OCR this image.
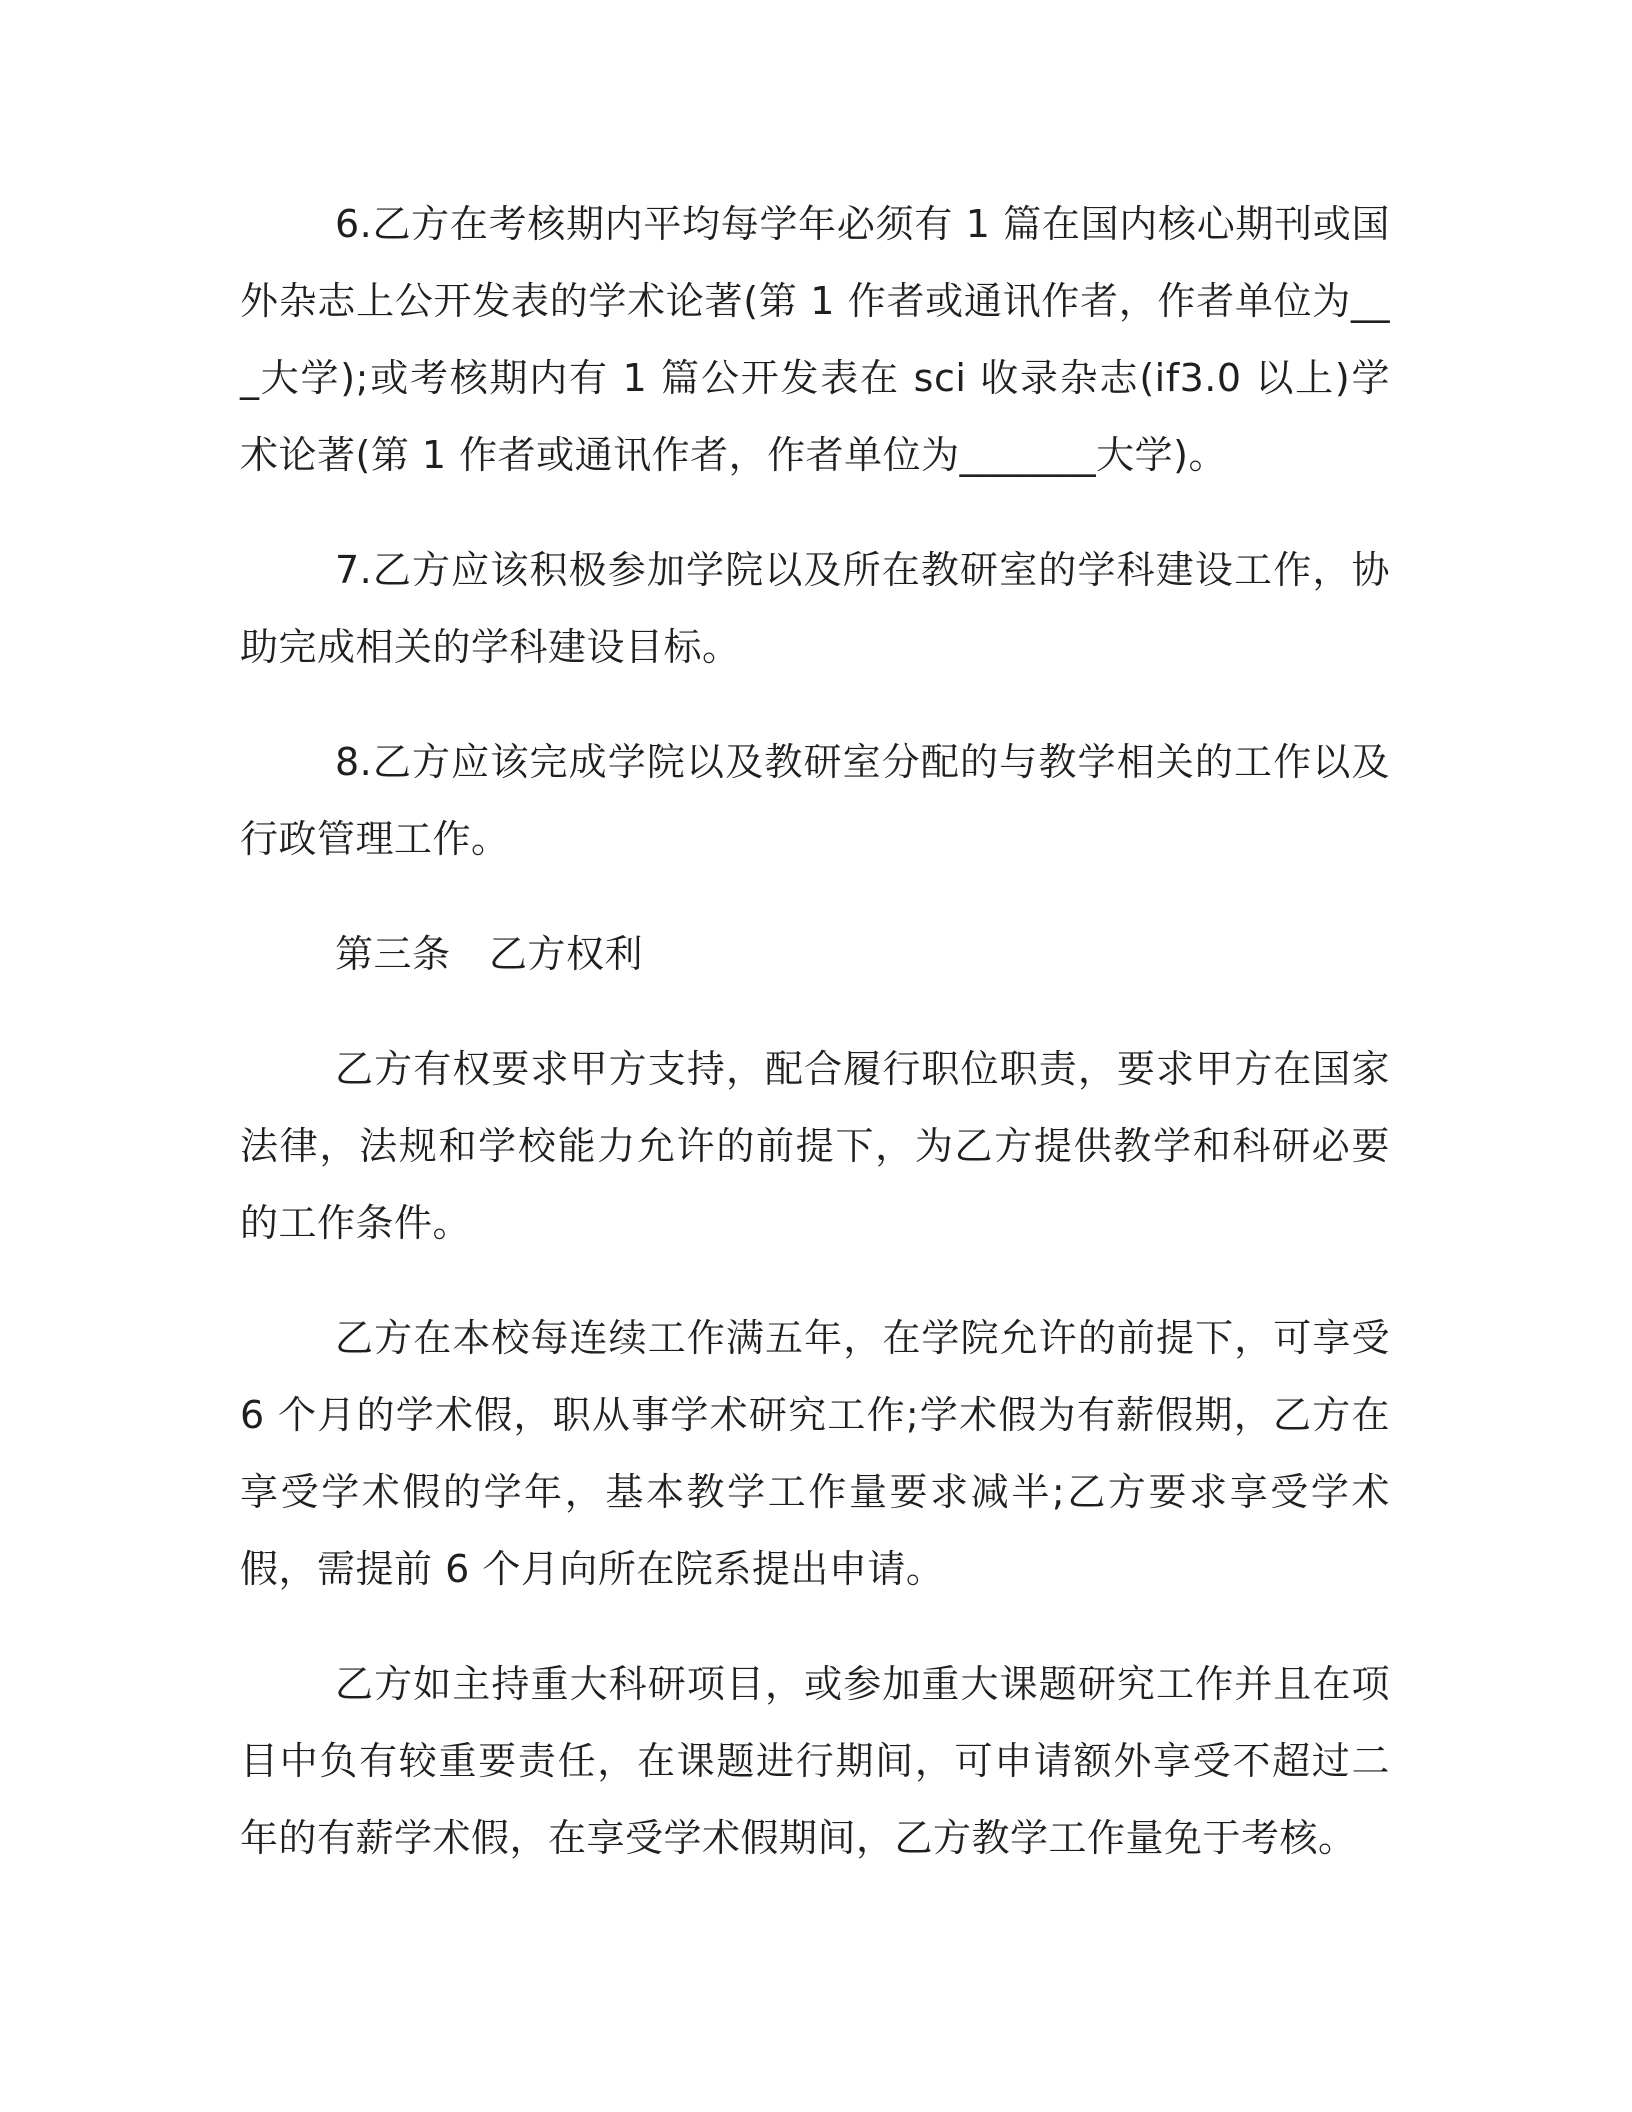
6.乙方在考核期内平均每学年必须有 1 篇在国内核心期刊或国外杂志上公开发表的学术论著(第 1 作者或通讯作者，作者单位为___大学);或考核期内有 1 篇公开发表在 sci 收录杂志(if3.0 以上)学术论著(第 1 作者或通讯作者，作者单位为_______大学)。

7.乙方应该积极参加学院以及所在教研室的学科建设工作，协助完成相关的学科建设目标。

8.乙方应该完成学院以及教研室分配的与教学相关的工作以及行政管理工作。

第三条　乙方权利

乙方有权要求甲方支持，配合履行职位职责，要求甲方在国家法律，法规和学校能力允许的前提下，为乙方提供教学和科研必要的工作条件。

乙方在本校每连续工作满五年，在学院允许的前提下，可享受 6 个月的学术假，职从事学术研究工作;学术假为有薪假期，乙方在享受学术假的学年，基本教学工作量要求减半;乙方要求享受学术假，需提前 6 个月向所在院系提出申请。

乙方如主持重大科研项目，或参加重大课题研究工作并且在项目中负有较重要责任，在课题进行期间，可申请额外享受不超过二年的有薪学术假，在享受学术假期间，乙方教学工作量免于考核。
